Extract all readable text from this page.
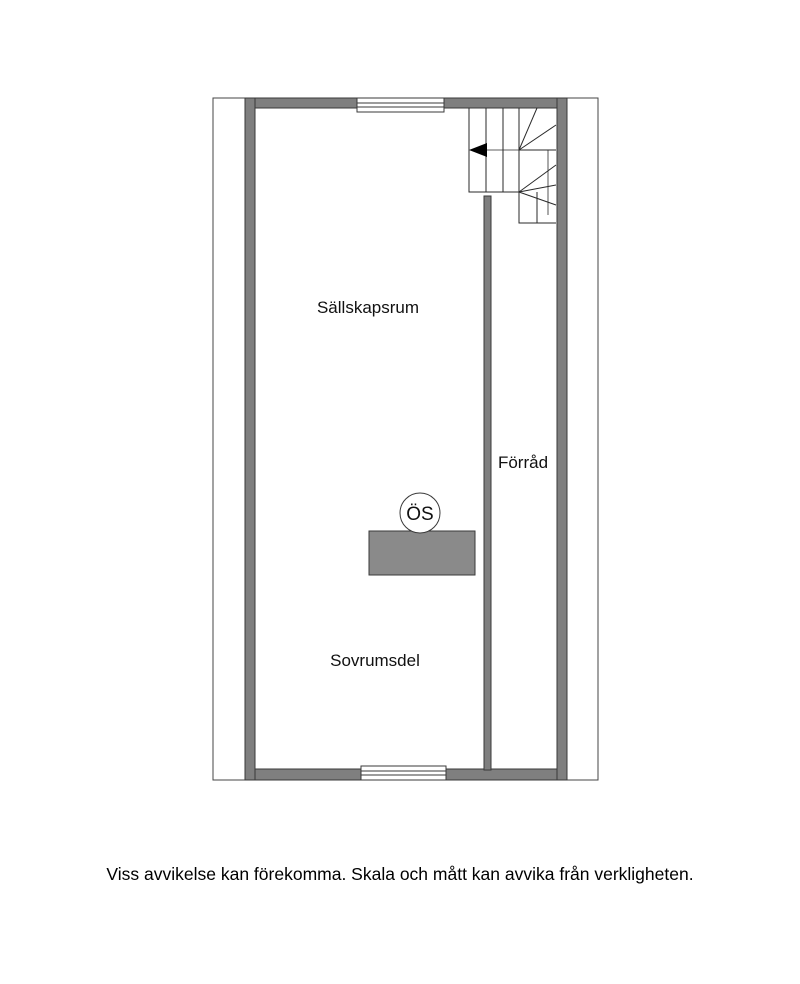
ÖS
Sällskapsrum
Sovrumsdel
Förråd
Viss avvikelse kan förekomma. Skala och mått kan avvika från verkligheten.
